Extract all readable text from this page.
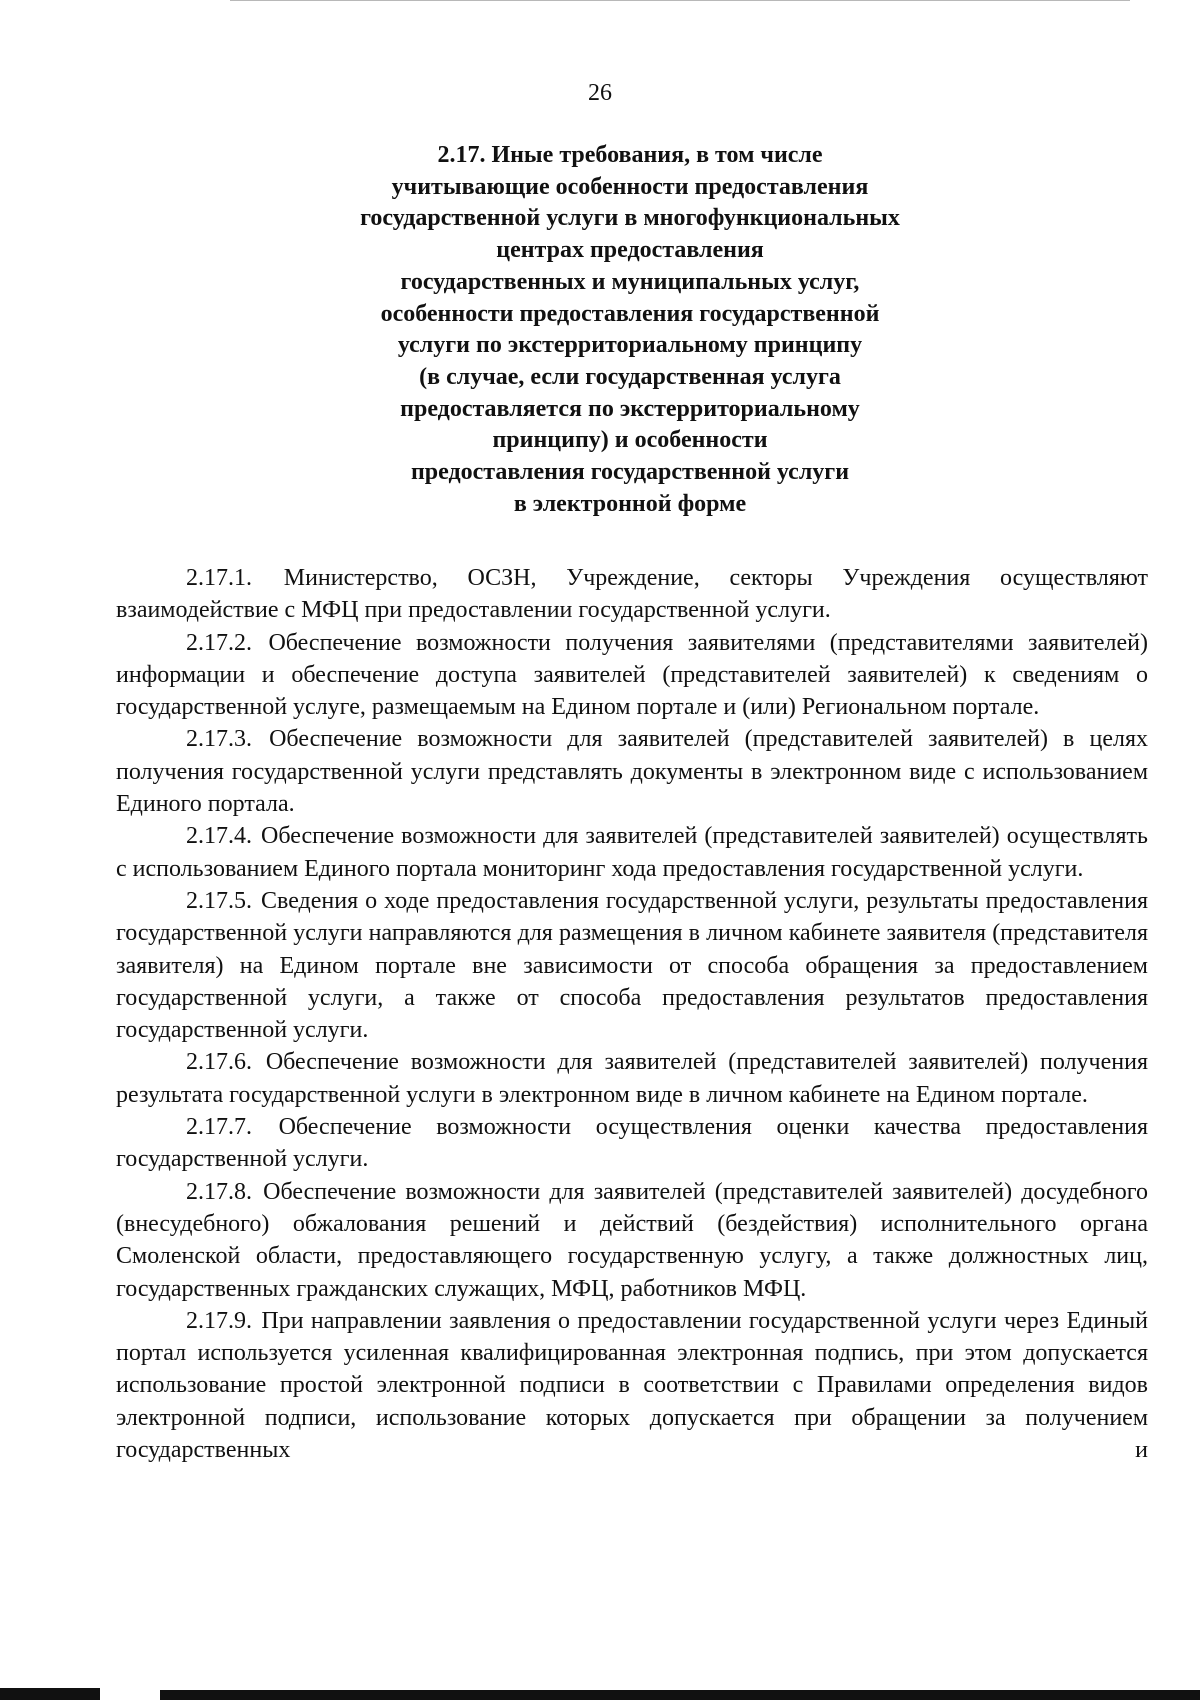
26
2.17. Иные требования, в том числе
учитывающие особенности предоставления
государственной услуги в многофункциональных
центрах предоставления
государственных и муниципальных услуг,
особенности предоставления государственной
услуги по экстерриториальному принципу
(в случае, если государственная услуга
предоставляется по экстерриториальному
принципу) и особенности
предоставления государственной услуги
в электронной форме

2.17.1. Министерство, ОСЗН, Учреждение, секторы Учреждения осуществляют взаимодействие с МФЦ при предоставлении государственной услуги.

2.17.2. Обеспечение возможности получения заявителями (представителями заявителей) информации и обеспечение доступа заявителей (представителей заявителей) к сведениям о государственной услуге, размещаемым на Едином портале и (или) Региональном портале.

2.17.3. Обеспечение возможности для заявителей (представителей заявителей) в целях получения государственной услуги представлять документы в электронном виде с использованием Единого портала.

2.17.4. Обеспечение возможности для заявителей (представителей заявителей) осуществлять с использованием Единого портала мониторинг хода предоставления государственной услуги.

2.17.5. Сведения о ходе предоставления государственной услуги, результаты предоставления государственной услуги направляются для размещения в личном кабинете заявителя (представителя заявителя) на Едином портале вне зависимости от способа обращения за предоставлением государственной услуги, а также от способа предоставления результатов предоставления государственной услуги.

2.17.6. Обеспечение возможности для заявителей (представителей заявителей) получения результата государственной услуги в электронном виде в личном кабинете на Едином портале.

2.17.7. Обеспечение возможности осуществления оценки качества предоставления государственной услуги.

2.17.8. Обеспечение возможности для заявителей (представителей заявителей) досудебного (внесудебного) обжалования решений и действий (бездействия) исполнительного органа Смоленской области, предоставляющего государственную услугу, а также должностных лиц, государственных гражданских служащих, МФЦ, работников МФЦ.

2.17.9. При направлении заявления о предоставлении государственной услуги через Единый портал используется усиленная квалифицированная электронная подпись, при этом допускается использование простой электронной подписи в соответствии с Правилами определения видов электронной подписи, использование которых допускается при обращении за получением государственных и
